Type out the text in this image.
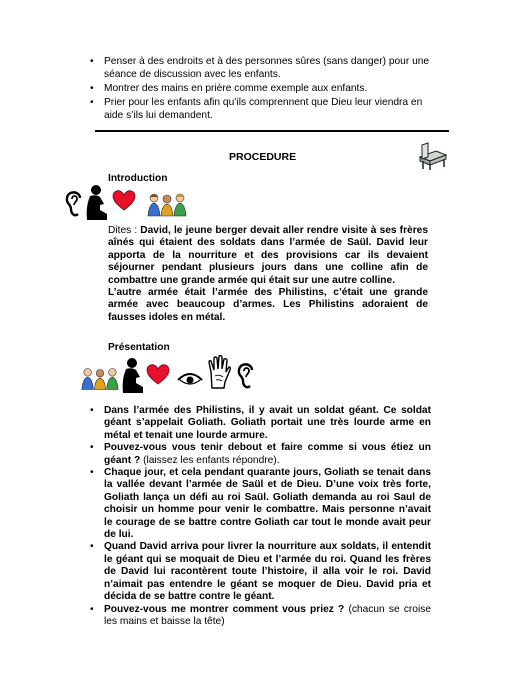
• Penser à des endroits et à des personnes sûres (sans danger) pour une séance de discussion avec les enfants.
• Montrer des mains en prière comme exemple aux enfants.
• Prier pour les enfants afin qu’ils comprennent que Dieu leur viendra en aide s’ils lui demandent.
PROCEDURE
Introduction
Dites : David, le jeune berger devait aller rendre visite à ses frères aînés qui étaient des soldats dans l’armée de Saül. David leur apporta de la nourriture et des provisions car ils devaient séjourner pendant plusieurs jours dans une colline afin de combattre une grande armée qui était sur une autre colline.
L’autre armée était l’armée des Philistins, c’était une grande armée avec beaucoup d’armes. Les Philistins adoraient de fausses idoles en métal.
Présentation
• Dans l’armée des Philistins, il y avait un soldat géant. Ce soldat géant s’appelait Goliath. Goliath portait une très lourde arme en métal et tenait une lourde armure.
• Pouvez-vous vous tenir debout et faire comme si vous étiez un géant ? (laissez les enfants répondre).
• Chaque jour, et cela pendant quarante jours, Goliath se tenait dans la vallée devant l’armée de Saül et de Dieu. D’une voix très forte, Goliath lança un défi au roi Saül. Goliath demanda au roi Saul de choisir un homme pour venir le combattre. Mais personne n’avait le courage de se battre contre Goliath car tout le monde avait peur de lui.
• Quand David arriva pour livrer la nourriture aux soldats, il entendit le géant qui se moquait de Dieu et l’armée du roi. Quand les frères de David lui racontèrent toute l’histoire, il alla voir le roi. David n’aimait pas entendre le géant se moquer de Dieu. David pria et décida de se battre contre le géant.
• Pouvez-vous me montrer comment vous priez ? (chacun se croise les mains et baisse la tête)
